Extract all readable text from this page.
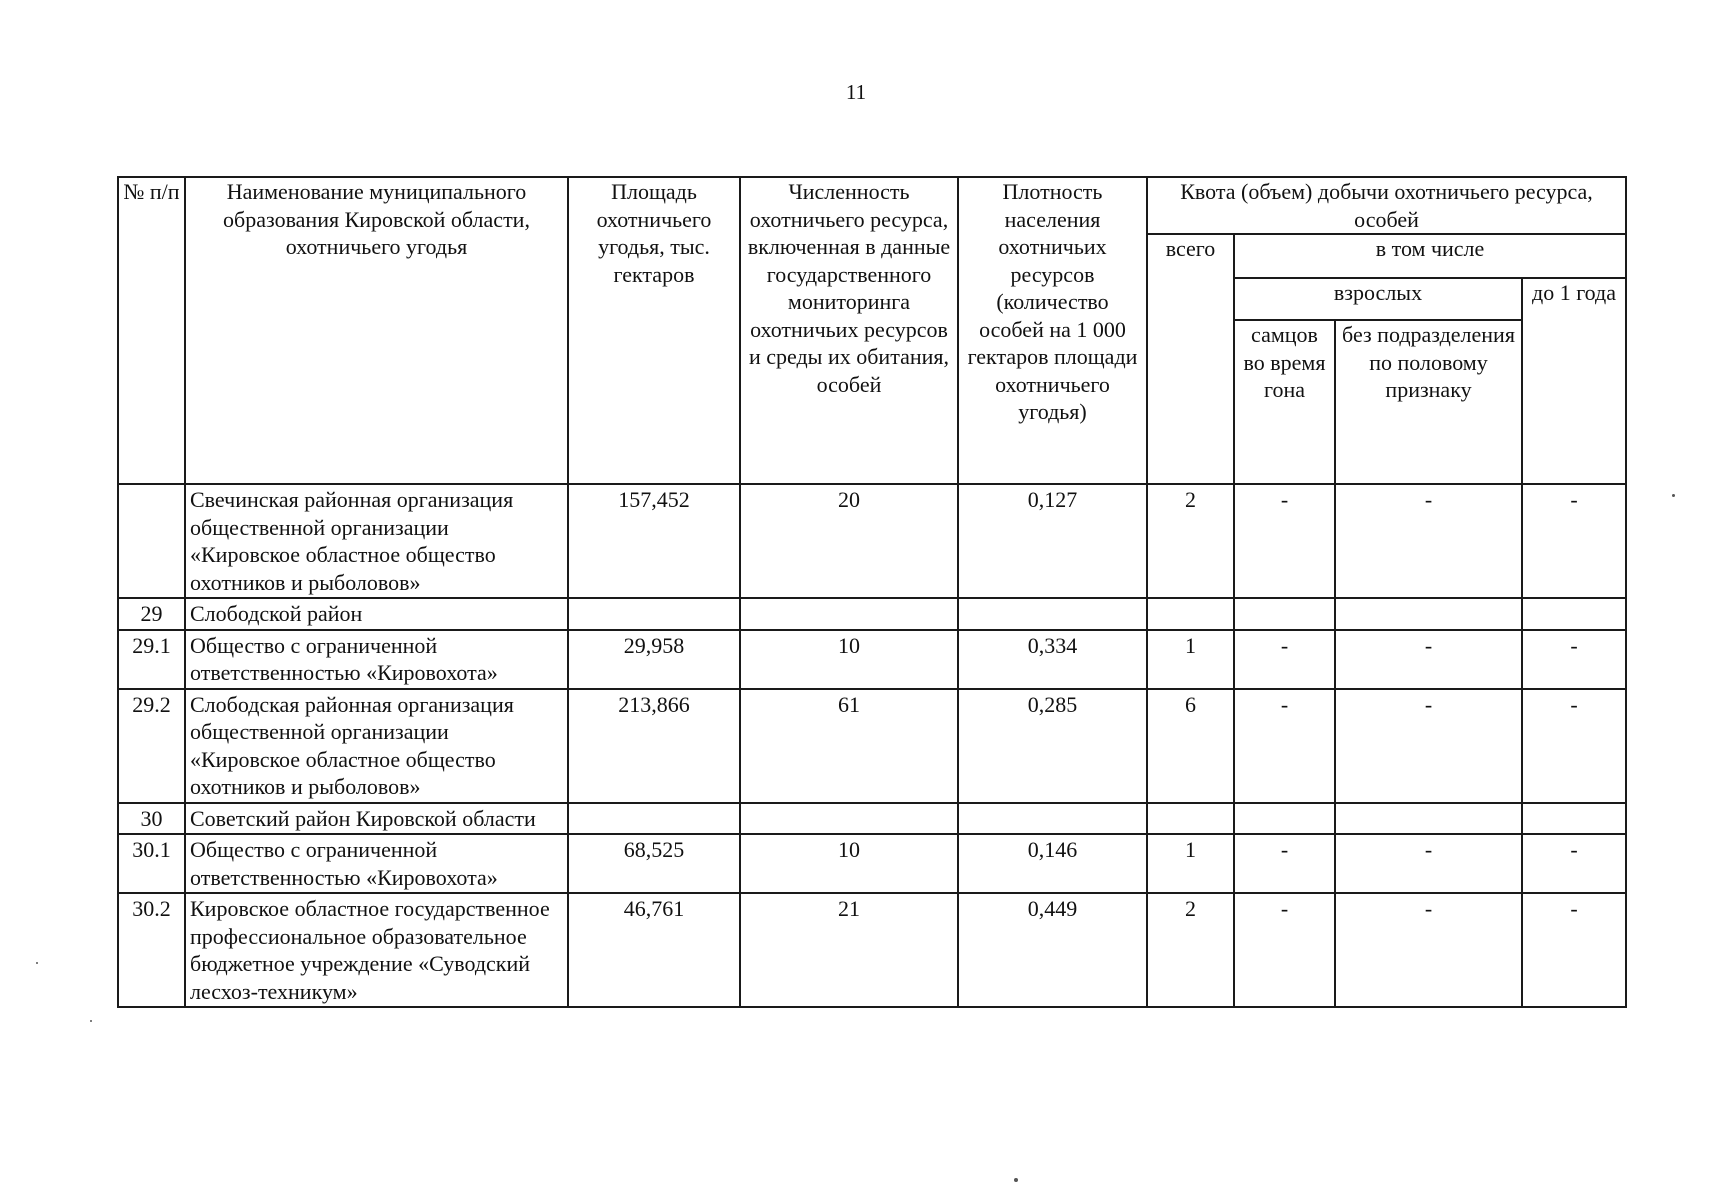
11
№ п/п	Наименование муниципального образования Кировской области, охотничьего угодья	Площадь охотничьего угодья, тыс. гектаров	Численность охотничьего ресурса, включенная в данные государственного мониторинга охотничьих ресурсов и среды их обитания, особей	Плотность населения охотничьих ресурсов (количество особей на 1 000 гектаров площади охотничьего угодья)	Квота (объем) добычи охотничьего ресурса, особей			
					всего	в том числе		
						взрослых		до 1 года
						самцов во время гона	без подразделения по половому признаку	
	Свечинская районная организация общественной организации «Кировское областное общество охотников и рыболовов»	157,452	20	0,127	2	-	-	-
29	Слободской район							
29.1	Общество с ограниченной ответственностью «Кировохота»	29,958	10	0,334	1	-	-	-
29.2	Слободская районная организация общественной организации «Кировское областное общество охотников и рыболовов»	213,866	61	0,285	6	-	-	-
30	Советский район Кировской области							
30.1	Общество с ограниченной ответственностью «Кировохота»	68,525	10	0,146	1	-	-	-
30.2	Кировское областное государственное профессиональное образовательное бюджетное учреждение «Суводский лесхоз-техникум»	46,761	21	0,449	2	-	-	-
